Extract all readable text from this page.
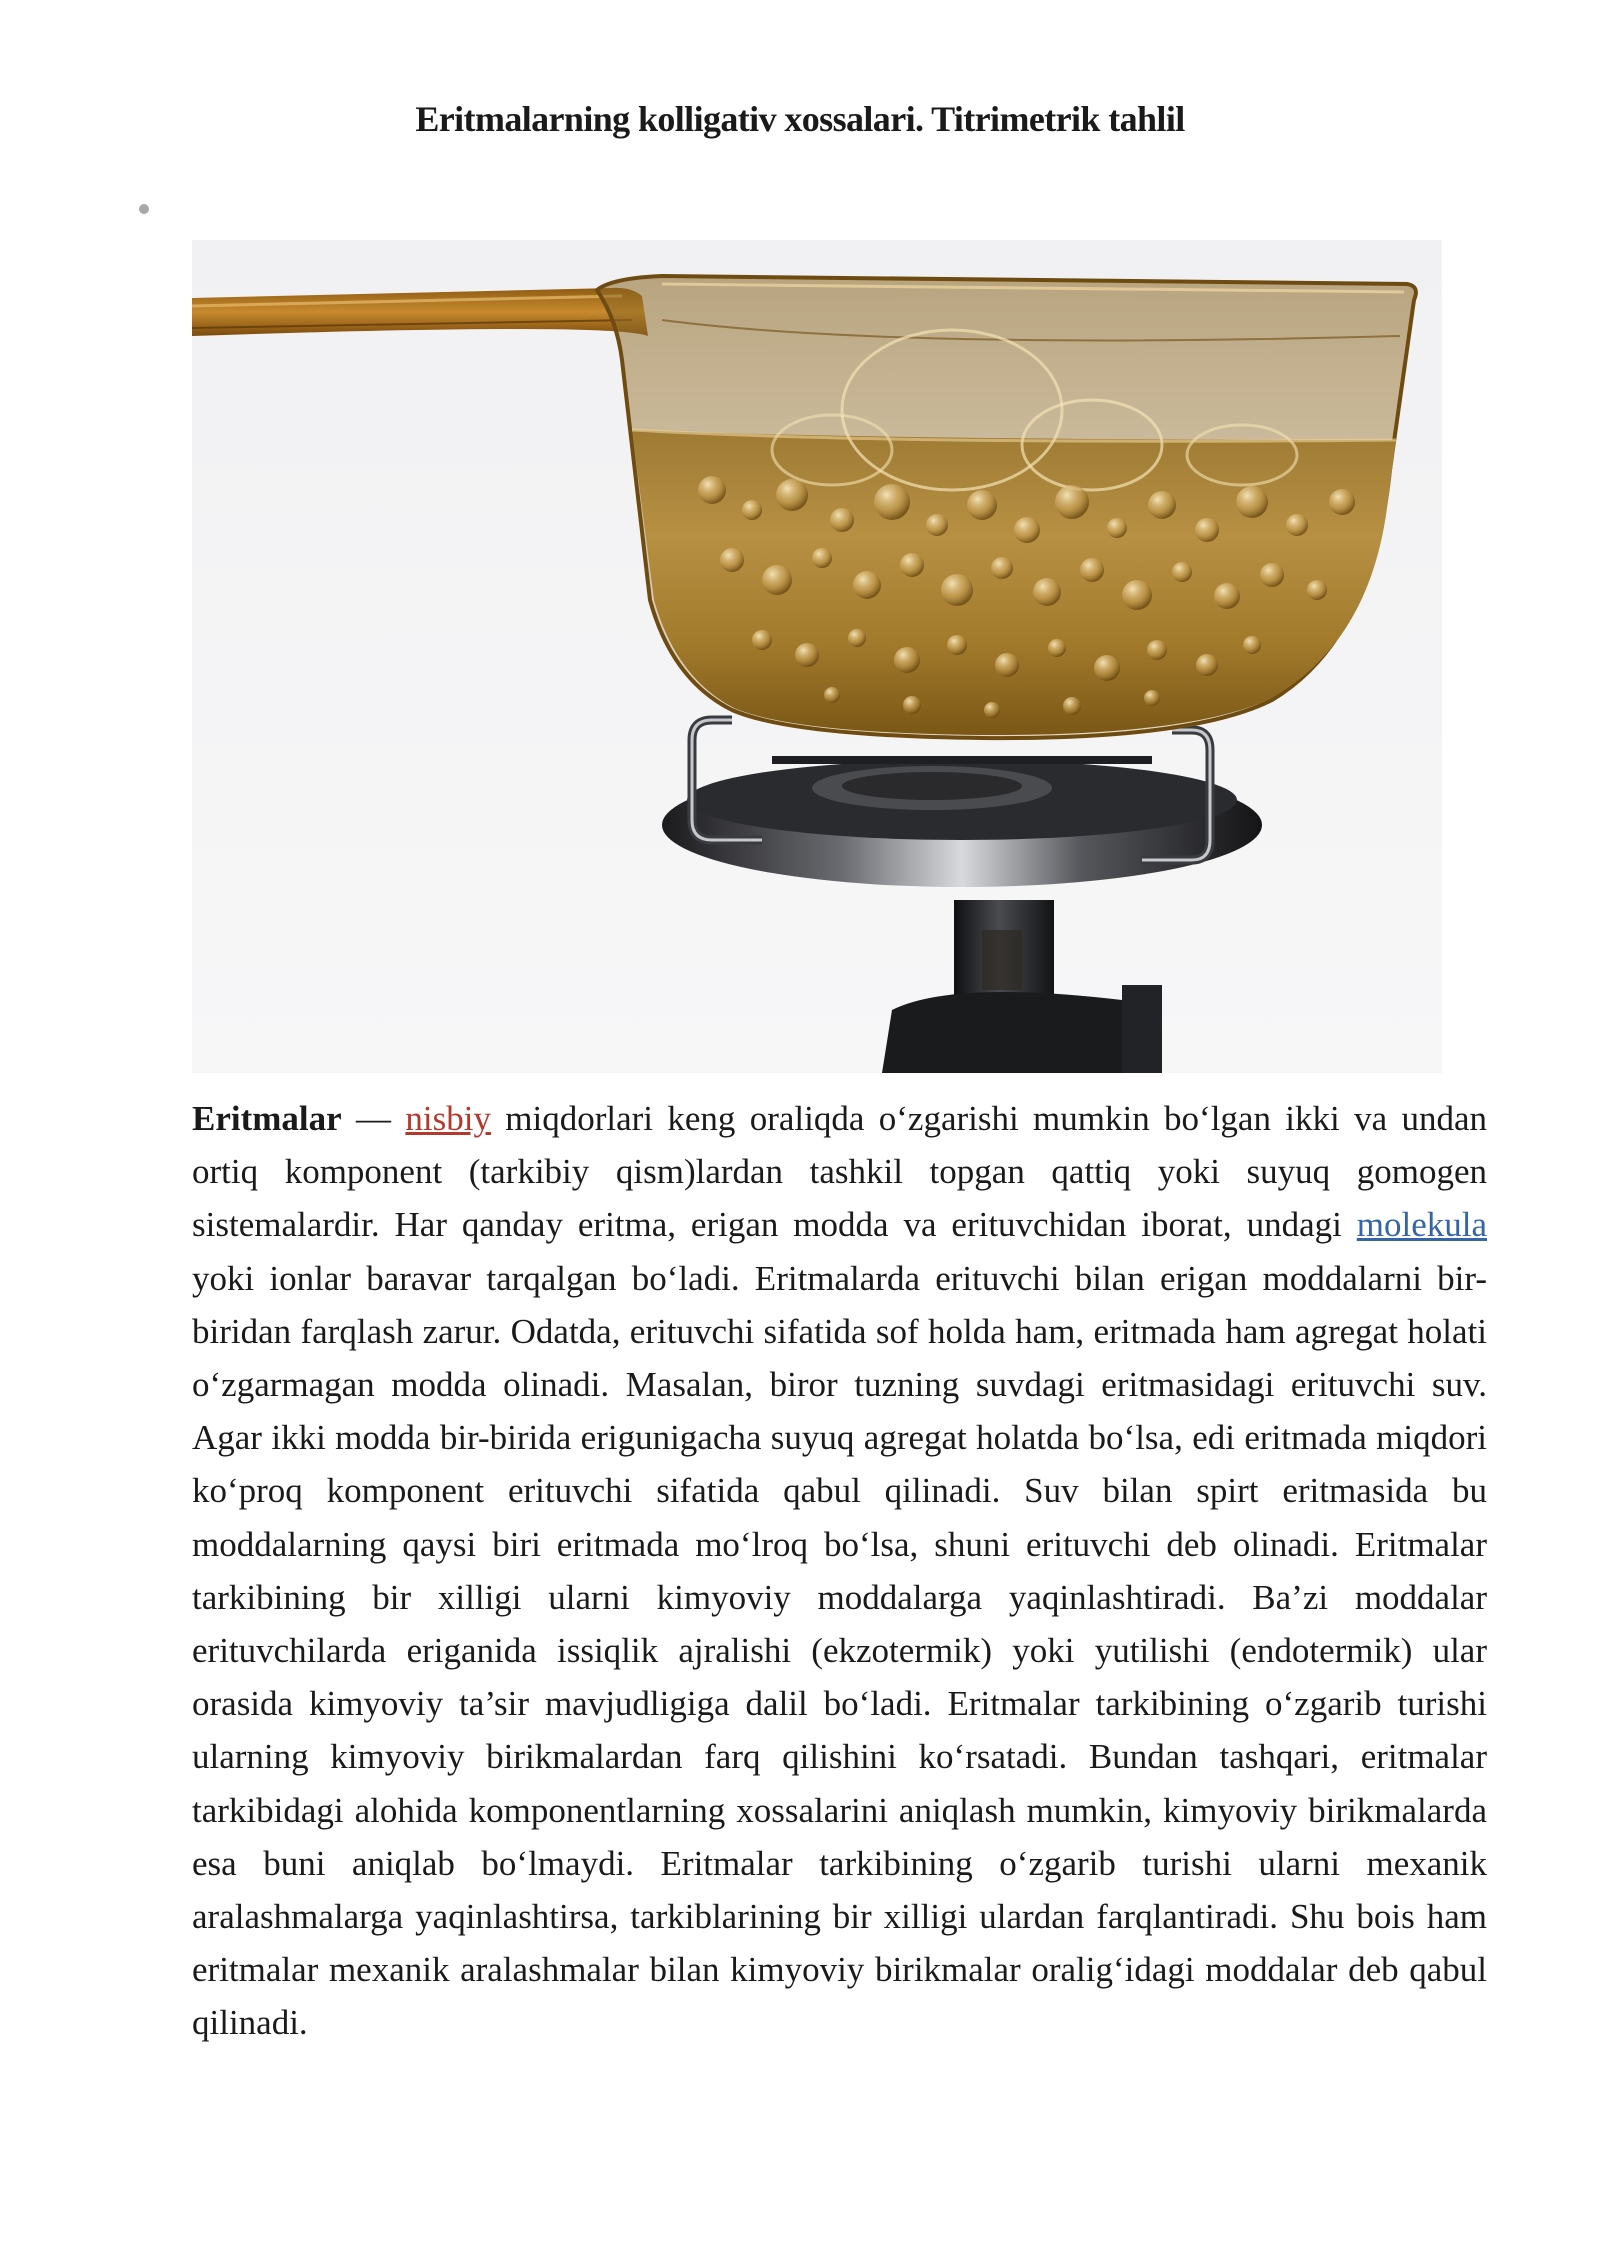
Eritmalarning kolligativ xossalari. Titrimetrik tahlil

Eritmalar — nisbiy miqdorlari keng oraliqda o‘zgarishi mumkin bo‘lgan ikki va undan ortiq komponent (tarkibiy qism)lardan tashkil topgan qattiq yoki suyuq gomogen sistemalardir. Har qanday eritma, erigan modda va erituvchidan iborat, undagi molekula yoki ionlar baravar tarqalgan bo‘ladi. Eritmalarda erituvchi bilan erigan moddalarni bir-biridan farqlash zarur. Odatda, erituvchi sifatida sof holda ham, eritmada ham agregat holati o‘zgarmagan modda olinadi. Masalan, biror tuzning suvdagi eritmasidagi erituvchi suv. Agar ikki modda bir-birida erigunigacha suyuq agregat holatda bo‘lsa, edi eritmada miqdori ko‘proq komponent erituvchi sifatida qabul qilinadi. Suv bilan spirt eritmasida bu moddalarning qaysi biri eritmada mo‘lroq bo‘lsa, shuni erituvchi deb olinadi. Eritmalar tarkibining bir xilligi ularni kimyoviy moddalarga yaqinlashtiradi. Ba’zi moddalar erituvchilarda eriganida issiqlik ajralishi (ekzotermik) yoki yutilishi (endotermik) ular orasida kimyoviy ta’sir mavjudligiga dalil bo‘ladi. Eritmalar tarkibining o‘zgarib turishi ularning kimyoviy birikmalardan farq qilishini ko‘rsatadi. Bundan tashqari, eritmalar tarkibidagi alohida komponentlarning xossalarini aniqlash mumkin, kimyoviy birikmalarda esa buni aniqlab bo‘lmaydi. Eritmalar tarkibining o‘zgarib turishi ularni mexanik aralashmalarga yaqinlashtirsa, tarkiblarining bir xilligi ulardan farqlantiradi. Shu bois ham eritmalar mexanik aralashmalar bilan kimyoviy birikmalar oralig‘idagi moddalar deb qabul qilinadi.
